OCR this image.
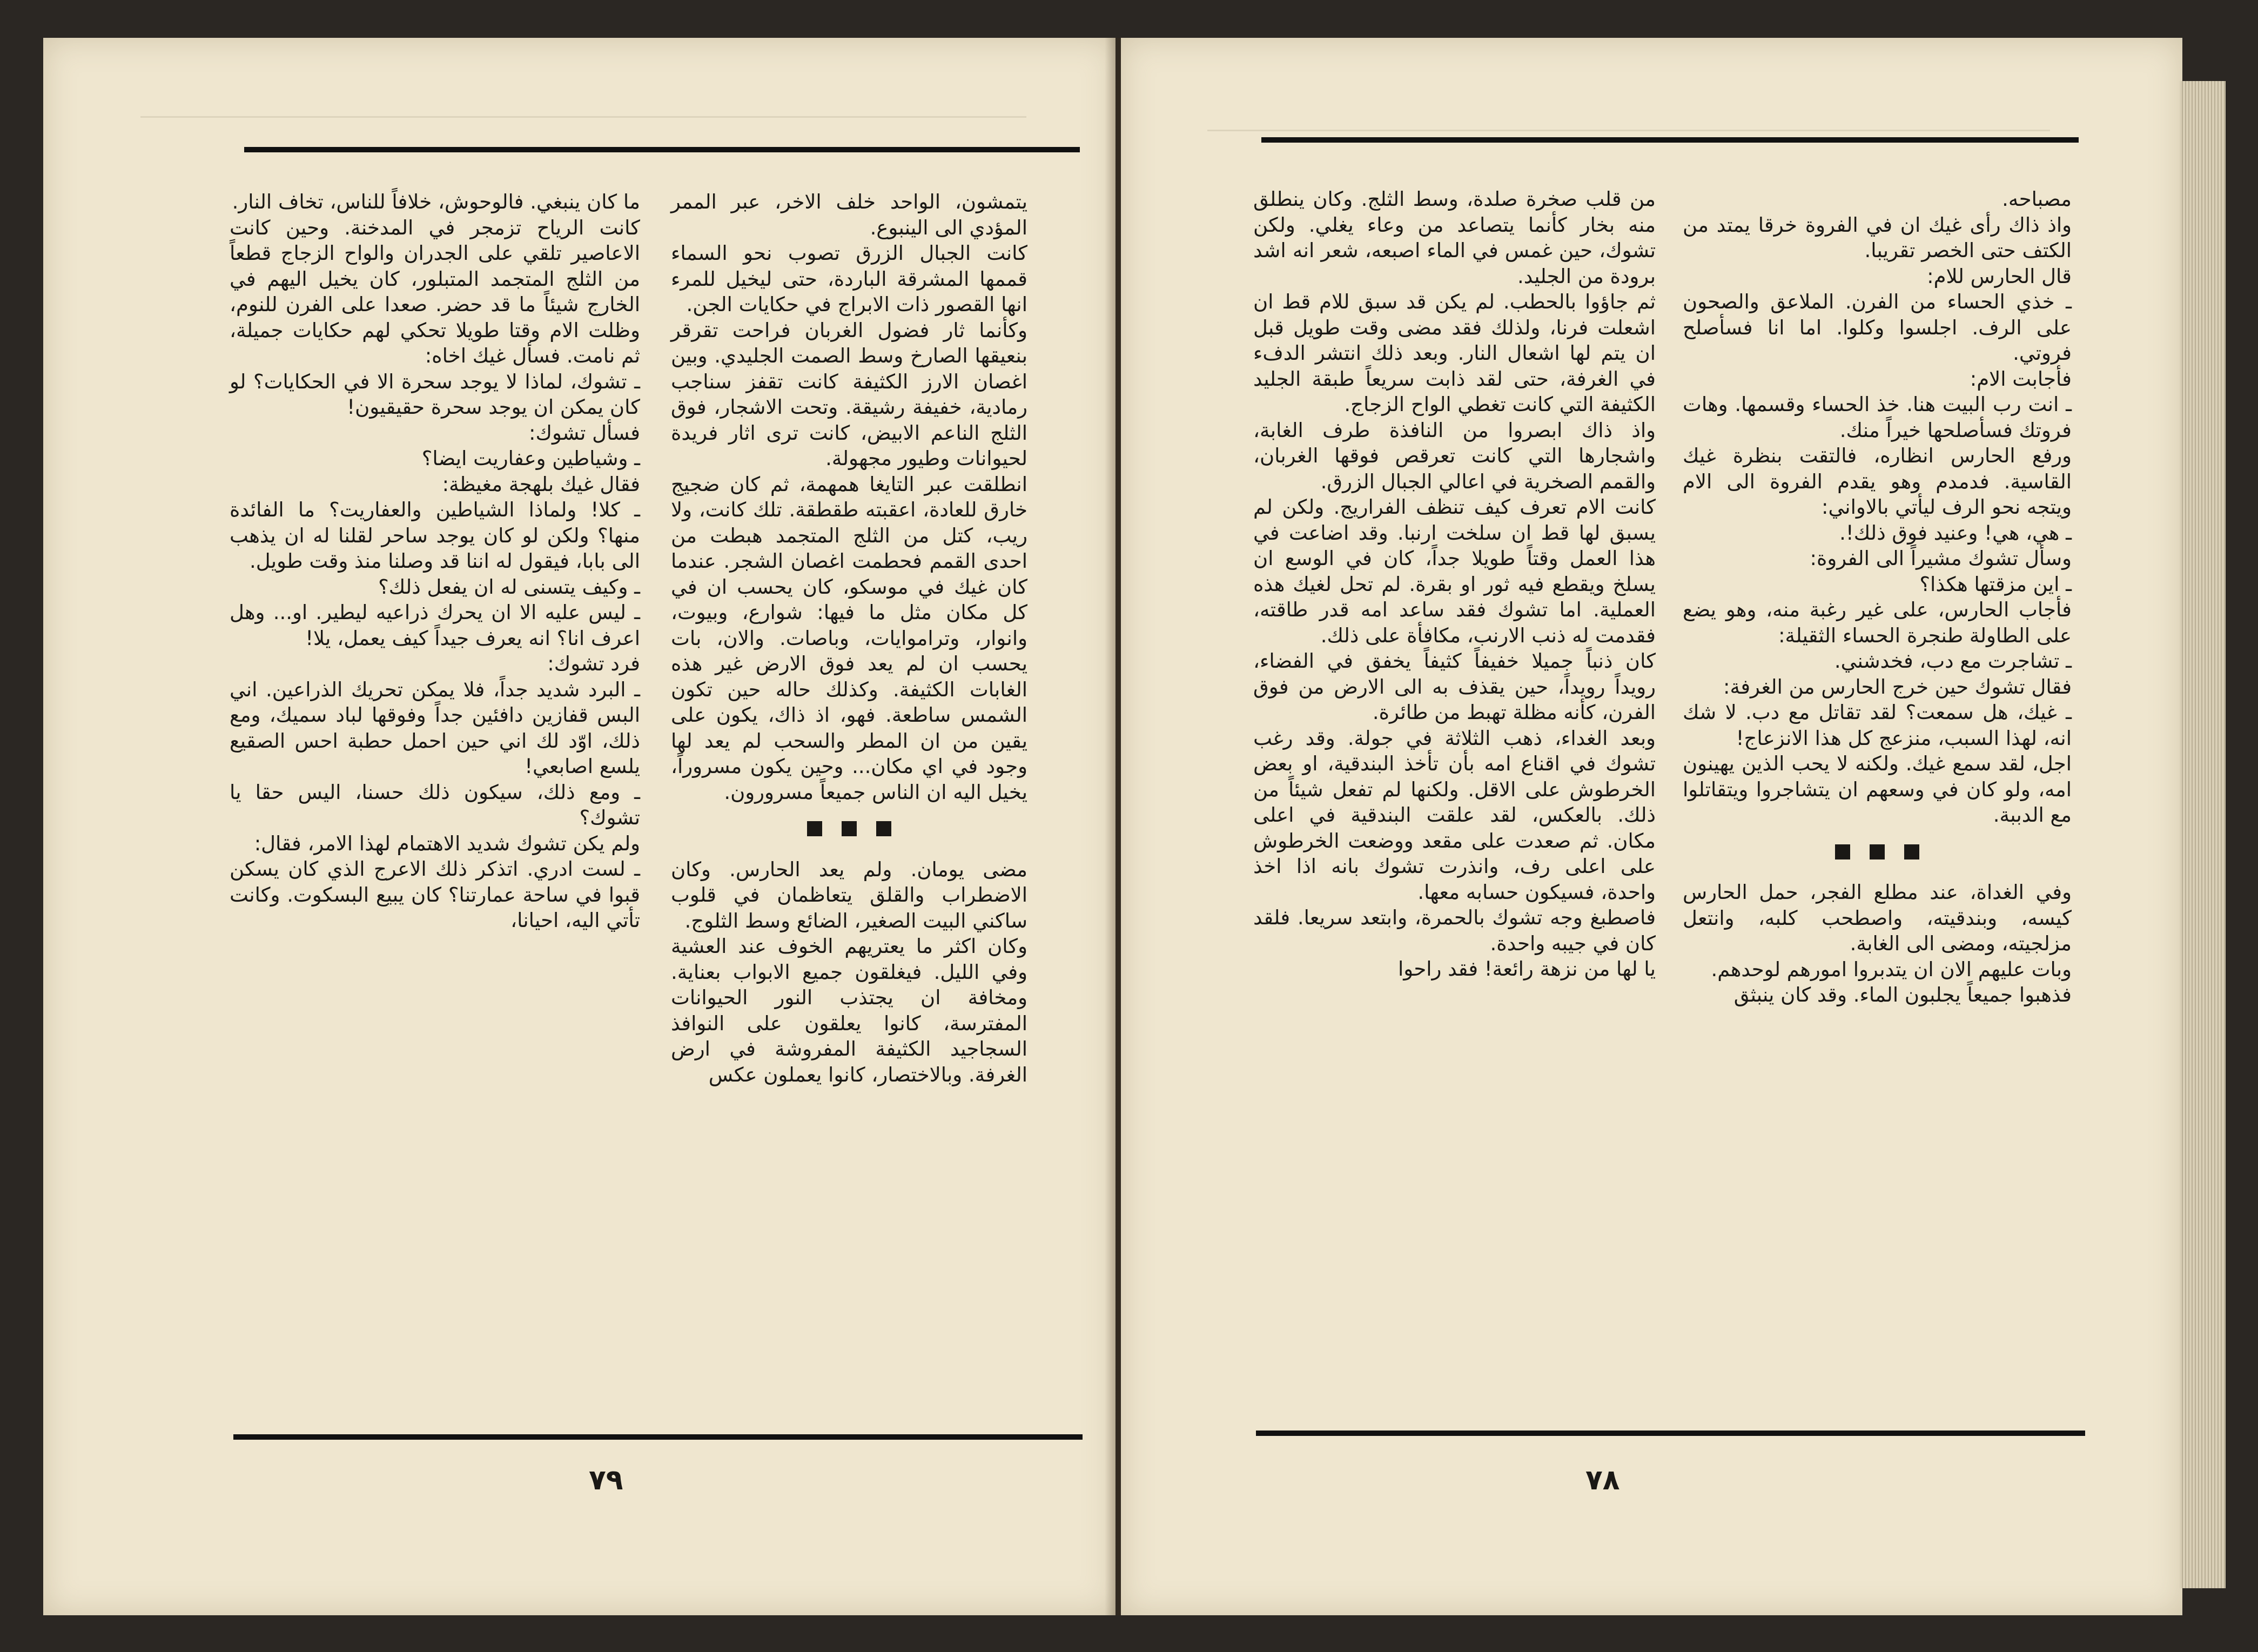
يتمشون، الواحد خلف الاخر، عبر الممر المؤدي الى الينبوع.

كانت الجبال الزرق تصوب نحو السماء قممها المشرقة الباردة، حتى ليخيل للمرء انها القصور ذات الابراج في حكايات الجن.

وكأنما ثار فضول الغربان فراحت تقرقر بنعيقها الصارخ وسط الصمت الجليدي. وبين اغصان الارز الكثيفة كانت تقفز سناجب رمادية، خفيفة رشيقة. وتحت الاشجار، فوق الثلج الناعم الابيض، كانت ترى اثار فريدة لحيوانات وطيور مجهولة.

انطلقت عبر التايغا همهمة، ثم كان ضجيج خارق للعادة، اعقبته طقطقة. تلك كانت، ولا ريب، كتل من الثلج المتجمد هبطت من احدى القمم فحطمت اغصان الشجر. عندما كان غيك في موسكو، كان يحسب ان في كل مكان مثل ما فيها: شوارع، وبيوت، وانوار، وتراموايات، وباصات. والان، بات يحسب ان لم يعد فوق الارض غير هذه الغابات الكثيفة. وكذلك حاله حين تكون الشمس ساطعة. فهو، اذ ذاك، يكون على يقين من ان المطر والسحب لم يعد لها وجود في اي مكان... وحين يكون مسروراً، يخيل اليه ان الناس جميعاً مسرورون.

مضى يومان. ولم يعد الحارس. وكان الاضطراب والقلق يتعاظمان في قلوب ساكني البيت الصغير، الضائع وسط الثلوج.

وكان اكثر ما يعتريهم الخوف عند العشية وفي الليل. فيغلقون جميع الابواب بعناية. ومخافة ان يجتذب النور الحيوانات المفترسة، كانوا يعلقون على النوافذ السجاجيد الكثيفة المفروشة في ارض الغرفة. وبالاختصار، كانوا يعملون عكس

ما كان ينبغي. فالوحوش، خلافاً للناس، تخاف النار.

كانت الرياح تزمجر في المدخنة. وحين كانت الاعاصير تلقي على الجدران والواح الزجاج قطعاً من الثلج المتجمد المتبلور، كان يخيل اليهم في الخارج شيئاً ما قد حضر. صعدا على الفرن للنوم، وظلت الام وقتا طويلا تحكي لهم حكايات جميلة، ثم نامت. فسأل غيك اخاه:

ـ تشوك، لماذا لا يوجد سحرة الا في الحكايات؟ لو كان يمكن ان يوجد سحرة حقيقيون!

فسأل تشوك:

ـ وشياطين وعفاريت ايضا؟

فقال غيك بلهجة مغيظة:

ـ كلا! ولماذا الشياطين والعفاريت؟ ما الفائدة منها؟ ولكن لو كان يوجد ساحر لقلنا له ان يذهب الى بابا، فيقول له اننا قد وصلنا منذ وقت طويل.

ـ وكيف يتسنى له ان يفعل ذلك؟

ـ ليس عليه الا ان يحرك ذراعيه ليطير. او... وهل اعرف انا؟ انه يعرف جيداً كيف يعمل، يلا!

فرد تشوك:

ـ البرد شديد جداً، فلا يمكن تحريك الذراعين. اني البس قفازين دافئين جداً وفوقها لباد سميك، ومع ذلك، اوّد لك اني حين احمل حطبة احس الصقيع يلسع اصابعي!

ـ ومع ذلك، سيكون ذلك حسنا، اليس حقا يا تشوك؟

ولم يكن تشوك شديد الاهتمام لهذا الامر، فقال:

ـ لست ادري. اتذكر ذلك الاعرج الذي كان يسكن قبوا في ساحة عمارتنا؟ كان يبيع البسكوت. وكانت تأتي اليه، احيانا،

٧٩

مصباحه.

واذ ذاك رأى غيك ان في الفروة خرقا يمتد من الكتف حتى الخصر تقريبا.

قال الحارس للام:

ـ خذي الحساء من الفرن. الملاعق والصحون على الرف. اجلسوا وكلوا. اما انا فسأصلح فروتي.

فأجابت الام:

ـ انت رب البيت هنا. خذ الحساء وقسمها. وهات فروتك فسأصلحها خيراً منك.

ورفع الحارس انظاره، فالتقت بنظرة غيك القاسية. فدمدم وهو يقدم الفروة الى الام ويتجه نحو الرف ليأتي بالاواني:

ـ هي، هي! وعنيد فوق ذلك!.

وسأل تشوك مشيراً الى الفروة:

ـ اين مزقتها هكذا؟

فأجاب الحارس، على غير رغبة منه، وهو يضع على الطاولة طنجرة الحساء الثقيلة:

ـ تشاجرت مع دب، فخدشني.

فقال تشوك حين خرج الحارس من الغرفة:

ـ غيك، هل سمعت؟ لقد تقاتل مع دب. لا شك انه، لهذا السبب، منزعج كل هذا الانزعاج!

اجل، لقد سمع غيك. ولكنه لا يحب الذين يهينون امه، ولو كان في وسعهم ان يتشاجروا ويتقاتلوا مع الدببة.

وفي الغداة، عند مطلع الفجر، حمل الحارس كيسه، وبندقيته، واصطحب كلبه، وانتعل مزلجيته، ومضى الى الغابة.

وبات عليهم الان ان يتدبروا امورهم لوحدهم.

فذهبوا جميعاً يجلبون الماء. وقد كان ينبثق

من قلب صخرة صلدة، وسط الثلج. وكان ينطلق منه بخار كأنما يتصاعد من وعاء يغلي. ولكن تشوك، حين غمس في الماء اصبعه، شعر انه اشد برودة من الجليد.

ثم جاؤوا بالحطب. لم يكن قد سبق للام قط ان اشعلت فرنا، ولذلك فقد مضى وقت طويل قبل ان يتم لها اشعال النار. وبعد ذلك انتشر الدفء في الغرفة، حتى لقد ذابت سريعاً طبقة الجليد الكثيفة التي كانت تغطي الواح الزجاج.

واذ ذاك ابصروا من النافذة طرف الغابة، واشجارها التي كانت تعرقص فوقها الغربان، والقمم الصخرية في اعالي الجبال الزرق.

كانت الام تعرف كيف تنظف الفراريج. ولكن لم يسبق لها قط ان سلخت ارنبا. وقد اضاعت في هذا العمل وقتاً طويلا جداً، كان في الوسع ان يسلخ ويقطع فيه ثور او بقرة. لم تحل لغيك هذه العملية. اما تشوك فقد ساعد امه قدر طاقته، فقدمت له ذنب الارنب، مكافأة على ذلك.

كان ذنباً جميلا خفيفاً كثيفاً يخفق في الفضاء، رويداً رويداً، حين يقذف به الى الارض من فوق الفرن، كأنه مظلة تهبط من طائرة.

وبعد الغداء، ذهب الثلاثة في جولة. وقد رغب تشوك في اقناع امه بأن تأخذ البندقية، او بعض الخرطوش على الاقل. ولكنها لم تفعل شيئاً من ذلك. بالعكس، لقد علقت البندقية في اعلى مكان. ثم صعدت على مقعد ووضعت الخرطوش على اعلى رف، وانذرت تشوك بانه اذا اخذ واحدة، فسيكون حسابه معها.

فاصطبغ وجه تشوك بالحمرة، وابتعد سريعا. فلقد كان في جيبه واحدة.

يا لها من نزهة رائعة! فقد راحوا

٧٨
